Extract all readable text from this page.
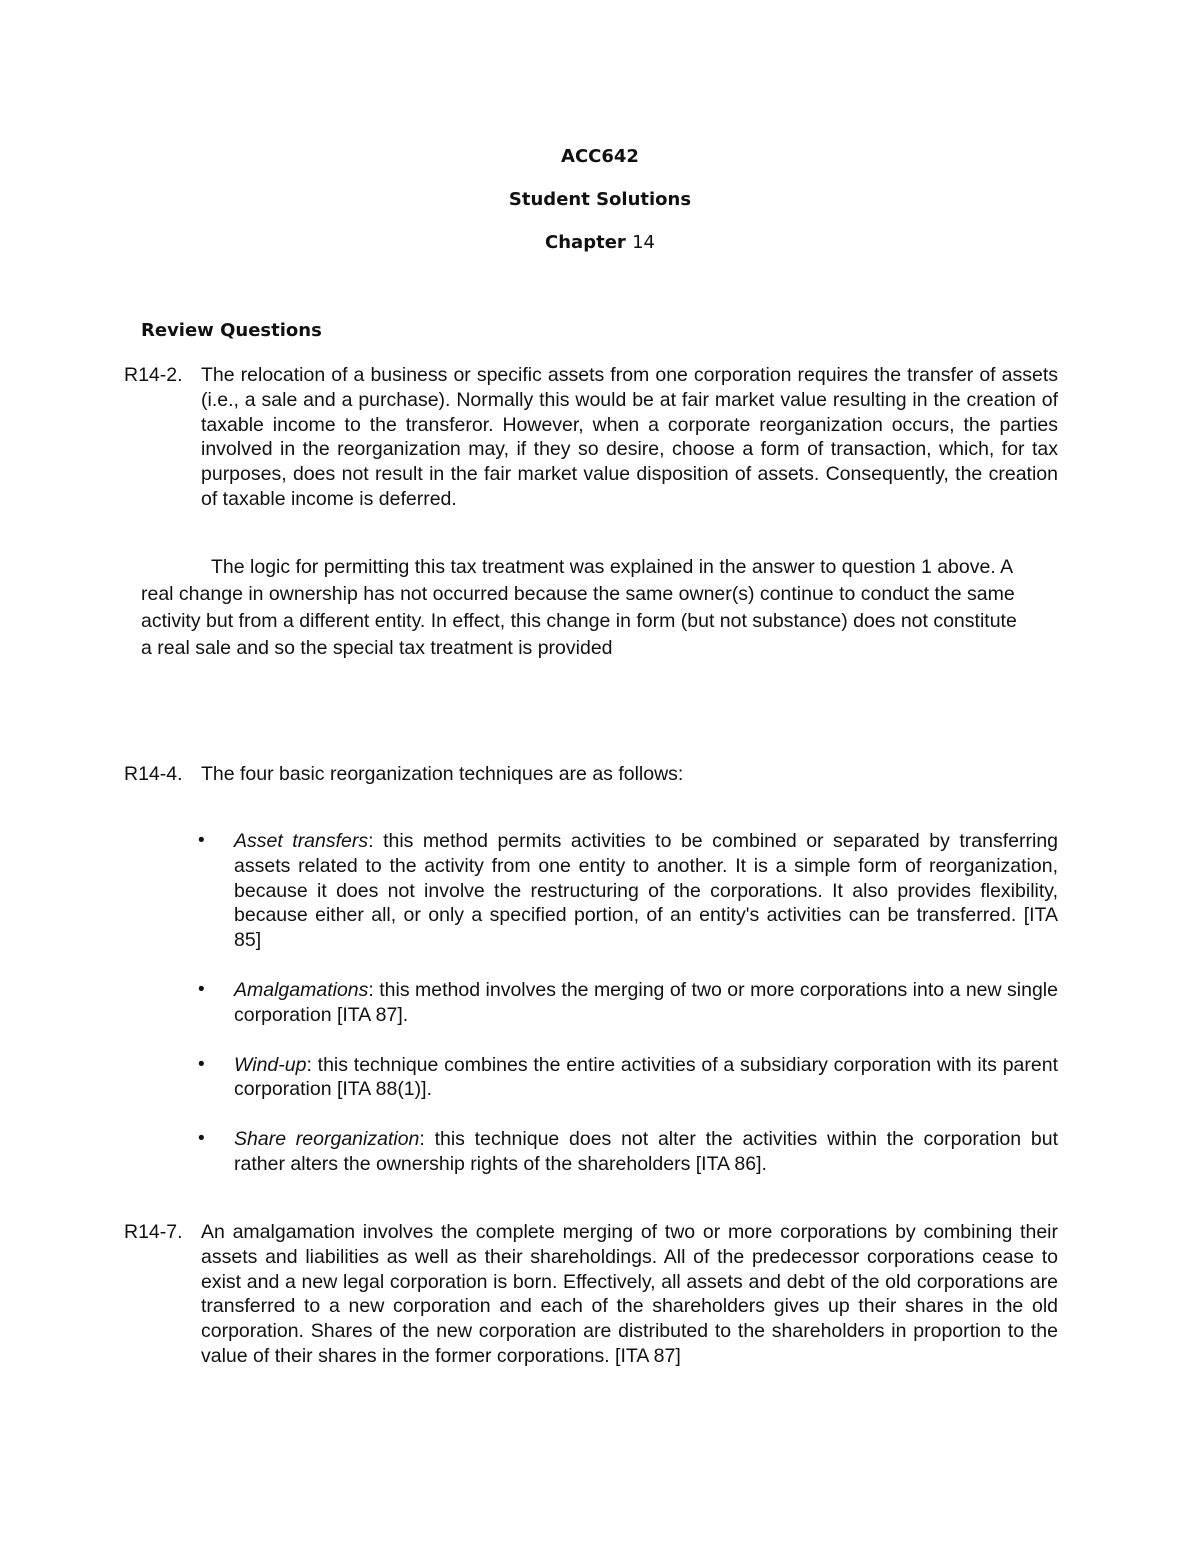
ACC642
Student Solutions
Chapter 14
Review Questions
R14-2. The relocation of a business or specific assets from one corporation requires the transfer of assets (i.e., a sale and a purchase). Normally this would be at fair market value resulting in the creation of taxable income to the transferor. However, when a corporate reorganization occurs, the parties involved in the reorganization may, if they so desire, choose a form of transaction, which, for tax purposes, does not result in the fair market value disposition of assets. Consequently, the creation of taxable income is deferred.
The logic for permitting this tax treatment was explained in the answer to question 1 above. A real change in ownership has not occurred because the same owner(s) continue to conduct the same activity but from a different entity. In effect, this change in form (but not substance) does not constitute a real sale and so the special tax treatment is provided
R14-4. The four basic reorganization techniques are as follows:
• Asset transfers: this method permits activities to be combined or separated by transferring assets related to the activity from one entity to another. It is a simple form of reorganization, because it does not involve the restructuring of the corporations. It also provides flexibility, because either all, or only a specified portion, of an entity's activities can be transferred. [ITA 85]
• Amalgamations: this method involves the merging of two or more corporations into a new single corporation [ITA 87].
• Wind-up: this technique combines the entire activities of a subsidiary corporation with its parent corporation [ITA 88(1)].
• Share reorganization: this technique does not alter the activities within the corporation but rather alters the ownership rights of the shareholders [ITA 86].
R14-7. An amalgamation involves the complete merging of two or more corporations by combining their assets and liabilities as well as their shareholdings. All of the predecessor corporations cease to exist and a new legal corporation is born. Effectively, all assets and debt of the old corporations are transferred to a new corporation and each of the shareholders gives up their shares in the old corporation. Shares of the new corporation are distributed to the shareholders in proportion to the value of their shares in the former corporations. [ITA 87]
